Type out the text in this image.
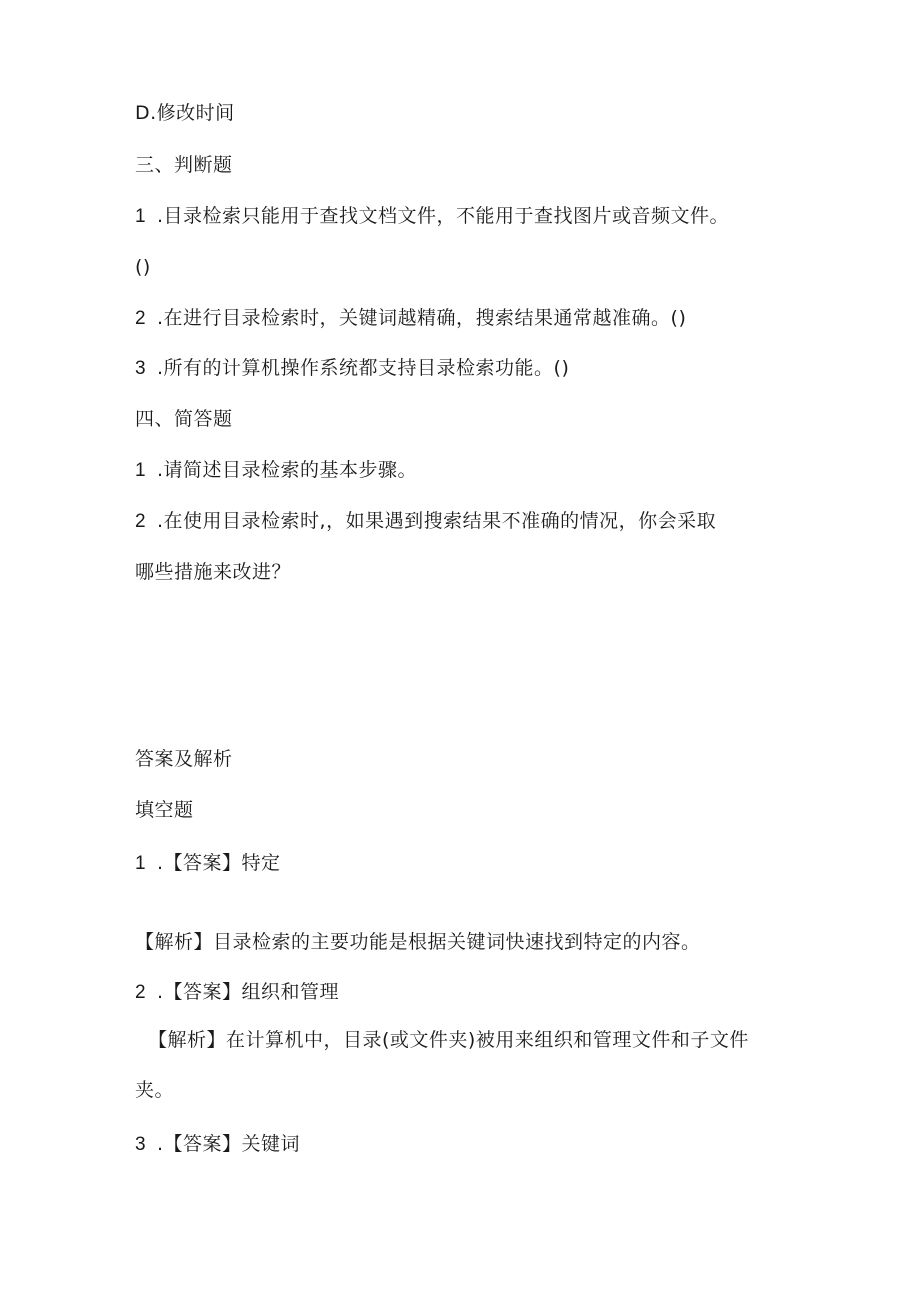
D.修改时间
三、判断题
1 .目录检索只能用于查找文档文件，不能用于查找图片或音频文件。
()
2 .在进行目录检索时，关键词越精确，搜索结果通常越准确。()
3 .所有的计算机操作系统都支持目录检索功能。()
四、简答题
1 .请简述目录检索的基本步骤。
2 .在使用目录检索时,，如果遇到搜索结果不准确的情况，你会采取
哪些措施来改进？
答案及解析
填空题
1 .【答案】特定
【解析】目录检索的主要功能是根据关键词快速找到特定的内容。
2 .【答案】组织和管理
【解析】在计算机中，目录(或文件夹)被用来组织和管理文件和子文件
夹。
3 .【答案】关键词
